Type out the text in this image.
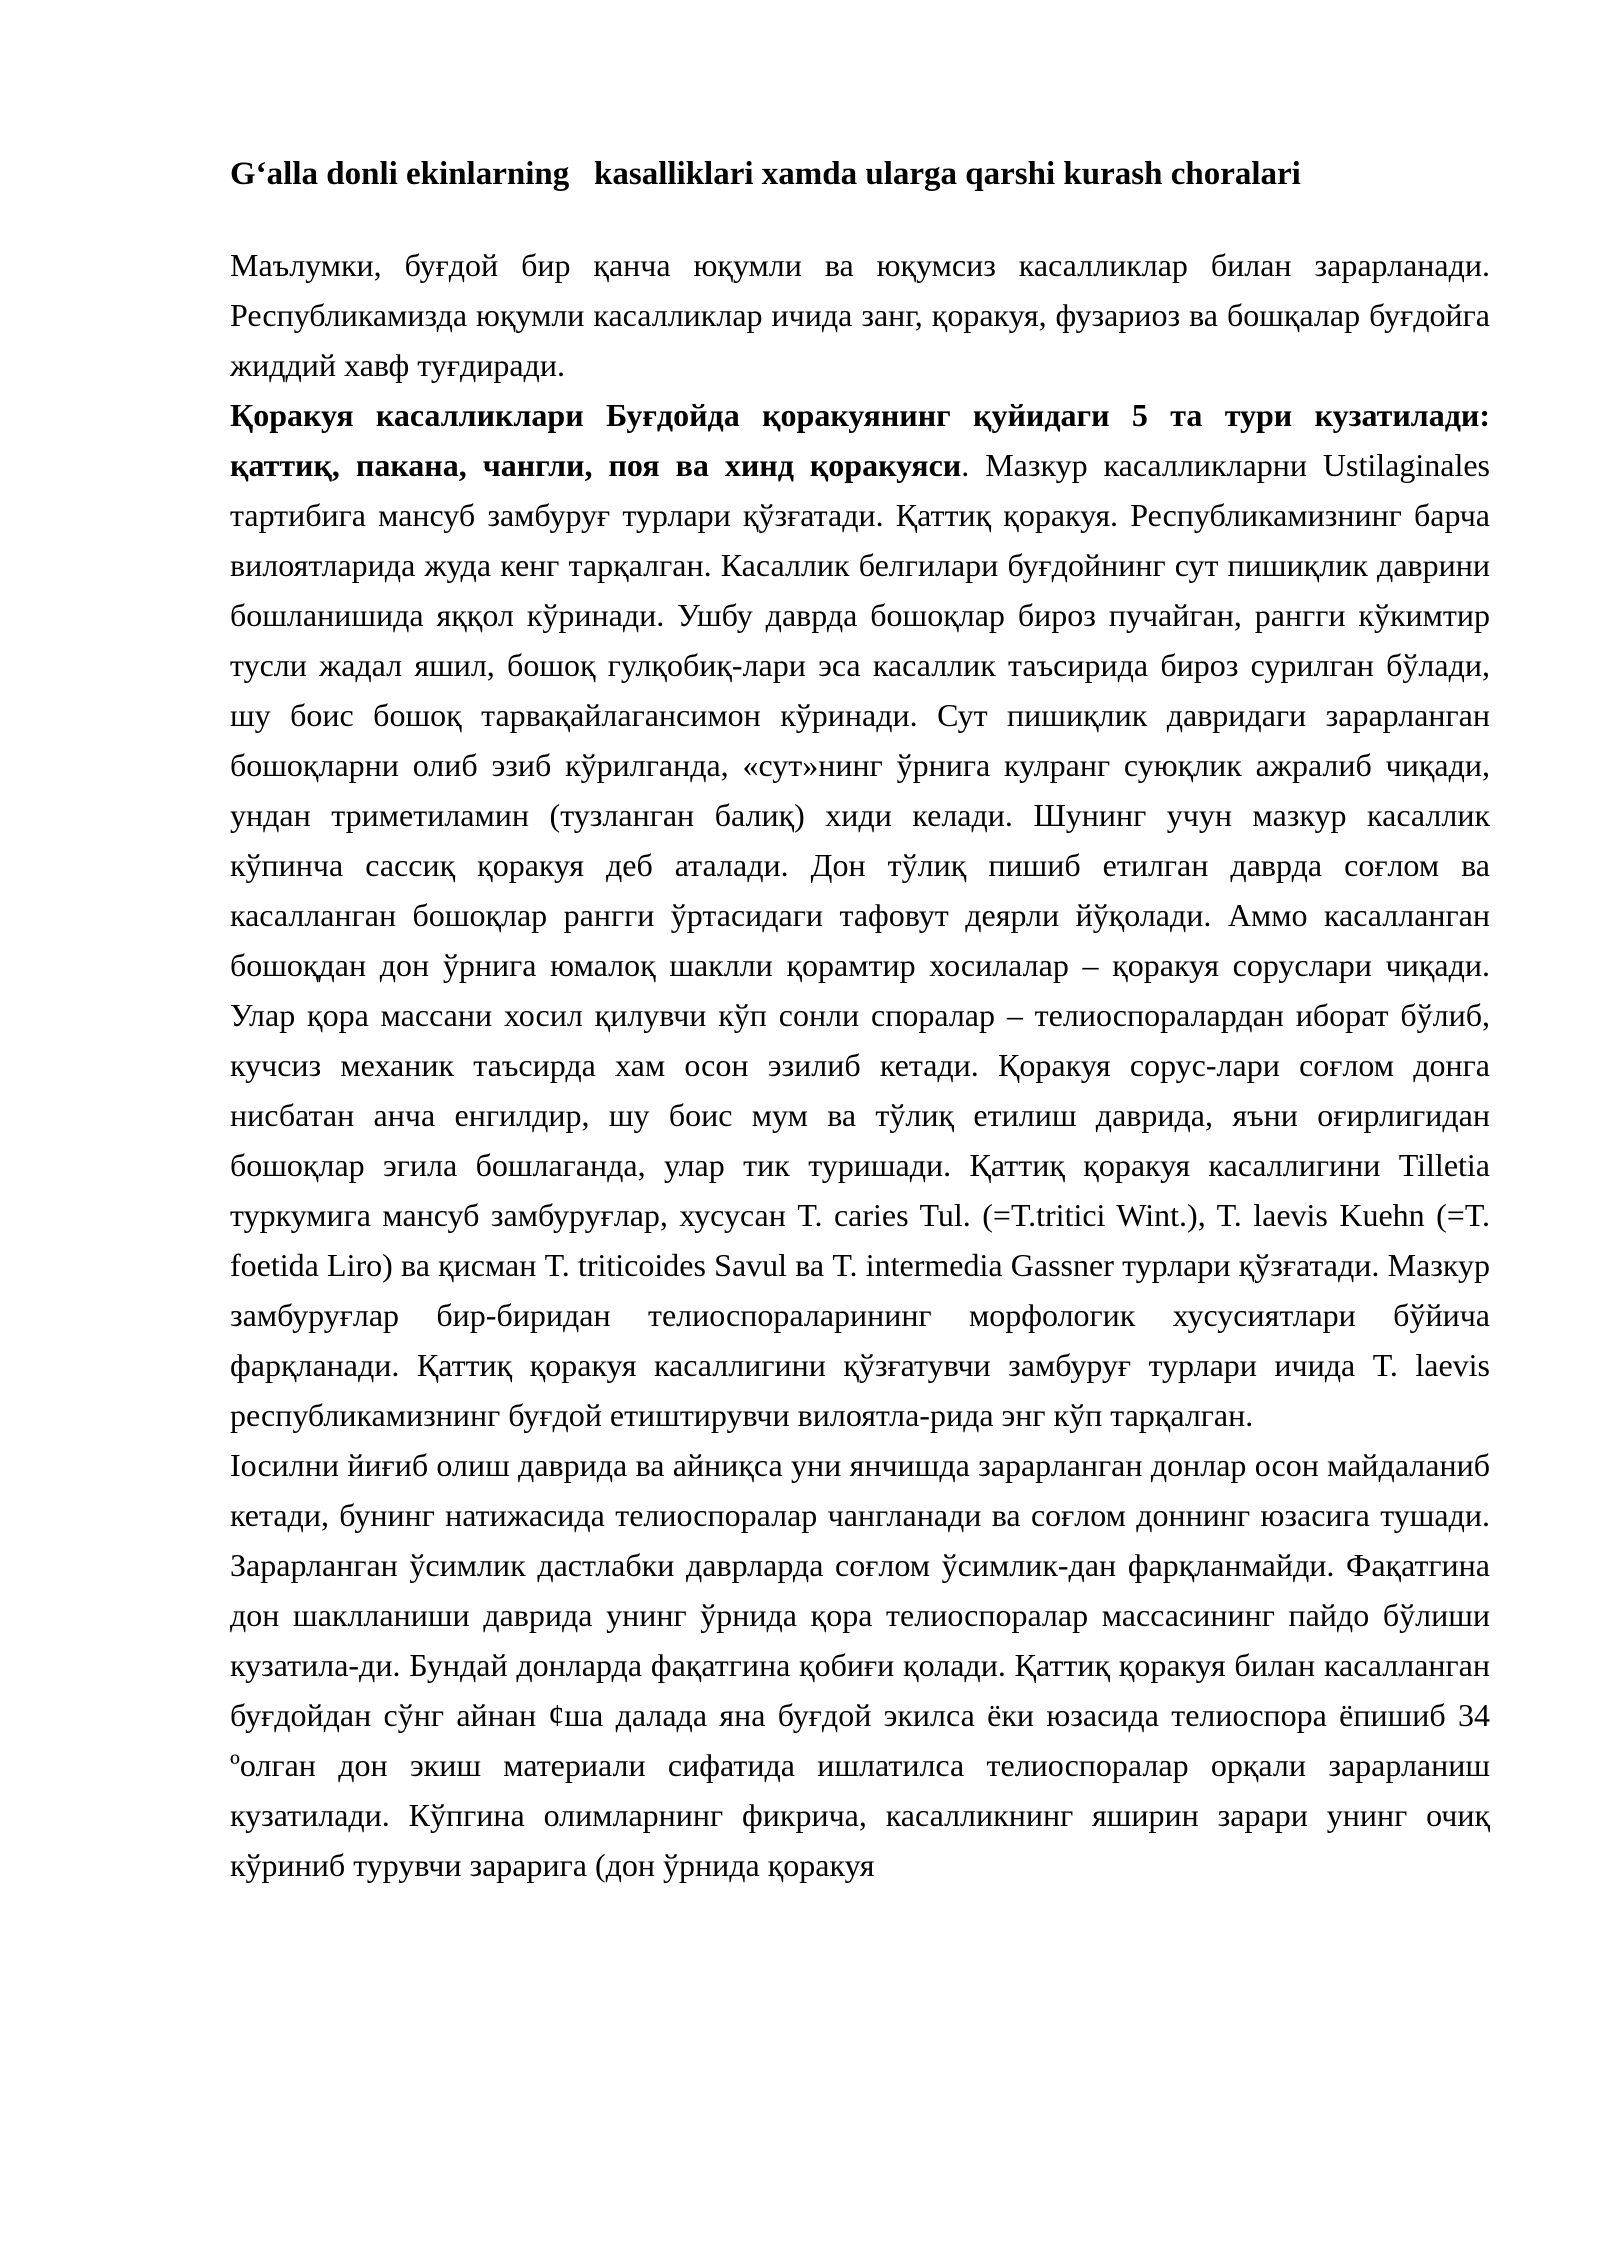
G‘alla donli ekinlarning   kasalliklari xamda ularga qarshi kurash choralari

Маълумки, буғдой бир қанча юқумли ва юқумсиз касалликлар билан зарарланади. Республикамизда юқумли касалликлар ичида занг, қоракуя, фузариоз ва бошқалар буғдойга жиддий хавф туғдиради.

Қоракуя касалликлари Буғдойда қоракуянинг қуйидаги 5 та тури кузатилади: қаттиқ, пакана, чангли, поя ва хинд қоракуяси. Мазкур касалликларни Ustilaginales тартибига мансуб замбуруғ турлари қўзғатади. Қаттиқ қоракуя. Республикамизнинг барча вилоятларида жуда кенг тарқалган. Касаллик белгилари буғдойнинг сут пишиқлик даврини бошланишида яққол кўринади. Ушбу даврда бошоқлар бироз пучайган, рангги кўкимтир тусли жадал яшил, бошоқ гулқобиқ-лари эса касаллик таъсирида бироз сурилган бўлади, шу боис бошоқ тарвақайлагансимон кўринади. Сут пишиқлик давридаги зарарланган бошоқларни олиб эзиб кўрилганда, «сут»нинг ўрнига кулранг суюқлик ажралиб чиқади, ундан триметиламин (тузланган балиқ) хиди келади. Шунинг учун мазкур касаллик кўпинча сассиқ қоракуя деб аталади. Дон тўлиқ пишиб етилган даврда соғлом ва касалланган бошоқлар рангги ўртасидаги тафовут деярли йўқолади. Аммо касалланган бошоқдан дон ўрнига юмалоқ шаклли қорамтир хосилалар – қоракуя соруслари чиқади. Улар қора массани хосил қилувчи кўп сонли споралар – телиоспоралардан иборат бўлиб, кучсиз механик таъсирда хам осон эзилиб кетади. Қоракуя сорус-лари соғлом донга нисбатан анча енгилдир, шу боис мум ва тўлиқ етилиш даврида, яъни оғирлигидан бошоқлар эгила бошлаганда, улар тик туришади. Қаттиқ қоракуя касаллигини Tilletia туркумига мансуб замбуруғлар, хусусан T. caries Tul. (=T.tritici Wint.), T. laevis Kuehn (=T. foetida Liro) ва қисман T. triticoides Savul ва T. intermedia Gassner турлари қўзғатади. Мазкур замбуруғлар бир-биридан телиоспораларининг морфологик хусусиятлари бўйича фарқланади. Қаттиқ қоракуя касаллигини қўзғатувчи замбуруғ турлари ичида T. laevis республикамизнинг буғдой етиштирувчи вилоятла-рида энг кўп тарқалган.

Ӏосилни йиғиб олиш даврида ва айниқса уни янчишда зарарланган донлар осон майдаланиб кетади, бунинг натижасида телиоспоралар чангланади ва соғлом доннинг юзасига тушади. Зарарланган ўсимлик дастлабки даврларда соғлом ўсимлик-дан фарқланмайди. Фақатгина дон шаклланиши даврида унинг ўрнида қора телиоспоралар массасининг пайдо бўлиши кузатила-ди. Бундай донларда фақатгина қобиғи қолади. Қаттиқ қоракуя билан касалланган буғдойдан сўнг айнан ¢ша далада яна буғдой экилса ёки юзасида телиоспора ёпишиб 34 ºолган дон экиш материали сифатида ишлатилса телиоспоралар орқали зарарланиш кузатилади. Кўпгина олимларнинг фикрича, касалликнинг яширин зарари унинг очиқ кўриниб турувчи зарарига (дон ўрнида қоракуя
